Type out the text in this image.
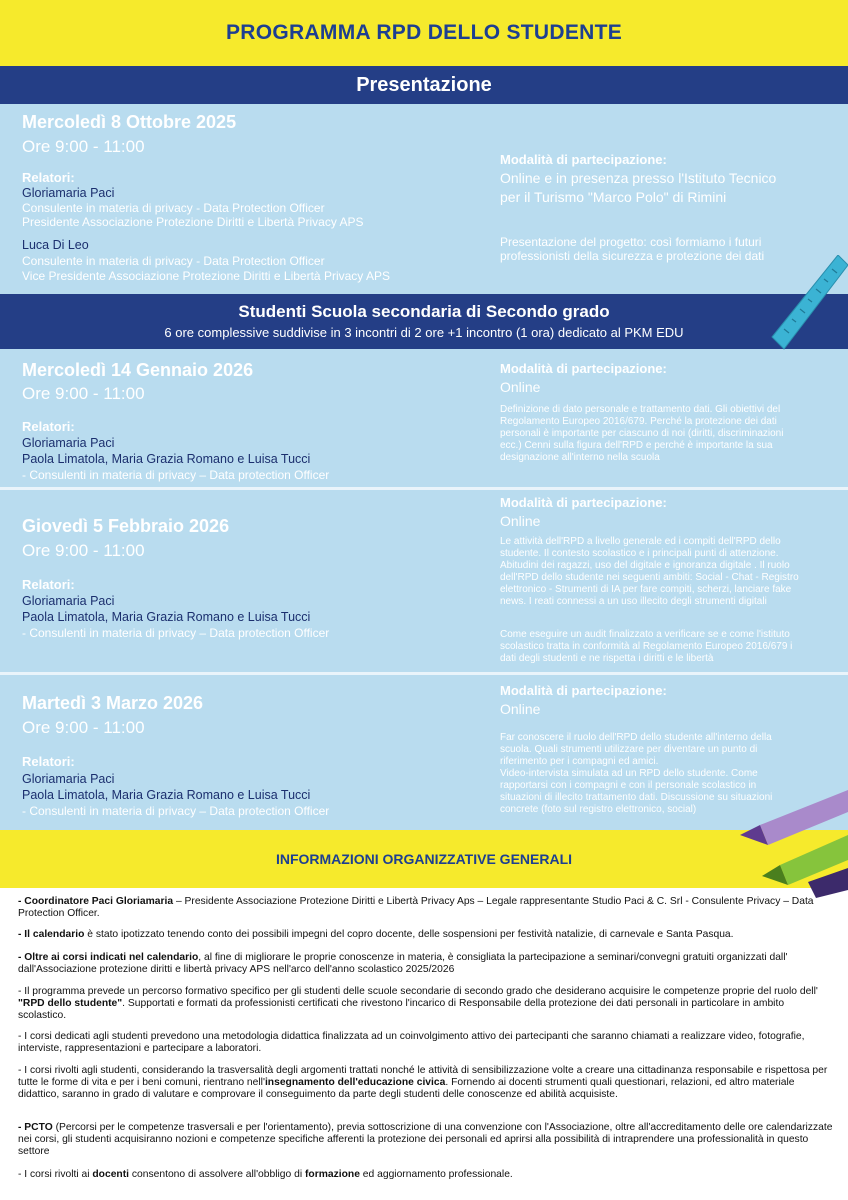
PROGRAMMA RPD DELLO STUDENTE
Presentazione
Mercoledì 8 Ottobre 2025
Ore 9:00 - 11:00
Relatori:
Gloriamaria Paci
Consulente in materia di privacy - Data Protection Officer
Presidente Associazione Protezione Diritti e Libertà Privacy APS
Luca Di Leo
Consulente in materia di privacy - Data Protection Officer
Vice Presidente Associazione Protezione Diritti e Libertà Privacy APS
Modalità di partecipazione:
Online e in presenza presso l'Istituto Tecnico
per il Turismo "Marco Polo" di Rimini
Presentazione del progetto: così formiamo i futuri
professionisti della sicurezza e protezione dei dati
Studenti Scuola secondaria di Secondo grado
6 ore complessive suddivise in 3 incontri di 2 ore +1 incontro (1 ora) dedicato al PKM EDU
Mercoledì 14 Gennaio 2026
Ore 9:00 - 11:00
Relatori:
Gloriamaria Paci
Paola Limatola, Maria Grazia Romano e Luisa Tucci
- Consulenti in materia di privacy – Data protection Officer
Modalità di partecipazione:
Online
Definizione di dato personale e trattamento dati. Gli obiettivi del Regolamento Europeo 2016/679. Perché la protezione dei dati personali è importante per ciascuno di noi (diritti, discriminazioni ecc.) Cenni sulla figura dell'RPD e perché è importante la sua designazione all'interno nella scuola
Giovedì 5 Febbraio 2026
Ore 9:00 - 11:00
Relatori:
Gloriamaria Paci
Paola Limatola, Maria Grazia Romano e Luisa Tucci
- Consulenti in materia di privacy – Data protection Officer
Modalità di partecipazione:
Online
Le attività dell'RPD a livello generale ed i compiti dell'RPD dello studente. Il contesto scolastico e i principali punti di attenzione. Abitudini dei ragazzi, uso del digitale e ignoranza digitale . Il ruolo dell'RPD dello studente nei seguenti ambiti: Social - Chat - Registro elettronico - Strumenti di IA per fare compiti, scherzi, lanciare fake news. I reati connessi a un uso illecito degli strumenti digitali
Come eseguire un audit finalizzato a verificare se e come l'istituto scolastico tratta in conformità al Regolamento Europeo 2016/679 i dati degli studenti e ne rispetta i diritti e le libertà
Martedì 3 Marzo 2026
Ore 9:00 - 11:00
Relatori:
Gloriamaria Paci
Paola Limatola, Maria Grazia Romano e Luisa Tucci
- Consulenti in materia di privacy – Data protection Officer
Modalità di partecipazione:
Online
Far conoscere il ruolo dell'RPD dello studente all'interno della scuola. Quali strumenti utilizzare per diventare un punto di riferimento per i compagni ed amici.
Video-intervista simulata ad un RPD dello studente. Come rapportarsi con i compagni e con il personale scolastico in situazioni di illecito trattamento dati. Discussione su situazioni concrete (foto sul registro elettronico, social)
INFORMAZIONI ORGANIZZATIVE GENERALI
- Coordinatore Paci Gloriamaria – Presidente Associazione Protezione Diritti e Libertà Privacy Aps – Legale rappresentante Studio Paci & C. Srl - Consulente Privacy – Data Protection Officer.
- Il calendario è stato ipotizzato tenendo conto dei possibili impegni del copro docente, delle sospensioni per festività natalizie, di carnevale e Santa Pasqua.
- Oltre ai corsi indicati nel calendario, al fine di migliorare le proprie conoscenze in materia, è consigliata la partecipazione a seminari/convegni gratuiti organizzati dall' dall'Associazione protezione diritti e libertà privacy APS nell'arco dell'anno scolastico 2025/2026
- Il programma prevede un percorso formativo specifico per gli studenti delle scuole secondarie di secondo grado che desiderano acquisire le competenze proprie del ruolo dell' "RPD dello studente". Supportati e formati da professionisti certificati che rivestono l'incarico di Responsabile della protezione dei dati personali in particolare in ambito scolastico.
- I corsi dedicati agli studenti prevedono una metodologia didattica finalizzata ad un coinvolgimento attivo dei partecipanti che saranno chiamati a realizzare video, fotografie, interviste, rappresentazioni e partecipare a laboratori.
- I corsi rivolti agli studenti, considerando la trasversalità degli argomenti trattati nonché le attività di sensibilizzazione volte a creare una cittadinanza responsabile e rispettosa per tutte le forme di vita e per i beni comuni, rientrano nell'insegnamento dell'educazione civica. Fornendo ai docenti strumenti quali questionari, relazioni, ed altro materiale didattico, saranno in grado di valutare e comprovare il conseguimento da parte degli studenti delle conoscenze ed abilità acquisiste.
- PCTO (Percorsi per le competenze trasversali e per l'orientamento), previa sottoscrizione di una convenzione con l'Associazione, oltre all'accreditamento delle ore calendarizzate nei corsi, gli studenti acquisiranno nozioni e competenze specifiche afferenti la protezione dei personali ed aprirsi alla possibilità di intraprendere una professionalità in questo settore
- I corsi rivolti ai docenti consentono di assolvere all'obbligo di formazione ed aggiornamento professionale.
